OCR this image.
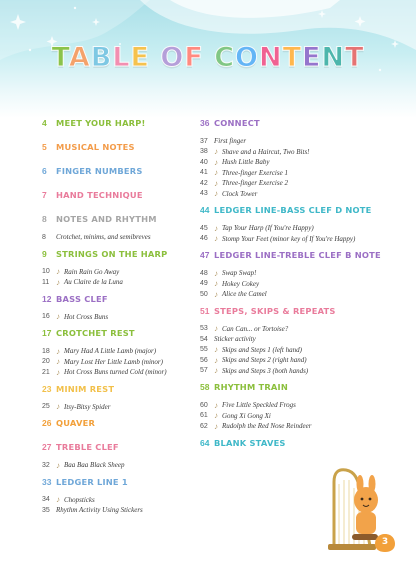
TABLE OF CONTENT
4	MEET YOUR HARP!
5	MUSICAL NOTES
6	FINGER NUMBERS
7	HAND TECHNIQUE
8	NOTES AND RHYTHM
8	Crotchet, minims, and semibreves
9	STRINGS ON THE HARP
10 ♪ Rain Rain Go Away
11 ♪ Au Claire de la Luna
12 BASS CLEF
16 ♪ Hot Cross Buns
17 CROTCHET REST
18 ♪ Mary Had A Little Lamb (major)
20 ♪ Mary Lost Her Little Lamb (minor)
21 ♪ Hot Cross Buns turned Cold (minor)
23 MINIM REST
25 ♪ Itsy-Bitsy Spider
26 QUAVER
27 TREBLE CLEF
32 ♪ Baa Baa Black Sheep
33 LEDGER LINE 1
34 ♪ Chopsticks
35 Rhythm Activity Using Stickers
36 CONNECT
37 First finger
38 ♪ Shave and a Haircut, Two Bits!
40 ♪ Hush Little Baby
41 ♪ Three-finger Exercise 1
42 ♪ Three-finger Exercise 2
43 ♪ Clock Tower
44 LEDGER LINE-BASS CLEF D NOTE
45 ♪ Tap Your Harp (If You're Happy)
46 ♪ Stomp Your Feet (minor key of If You're Happy)
47 LEDGER LINE-TREBLE CLEF B NOTE
48 ♪ Swap Swap!
49 ♪ Hokey Cokey
50 ♪ Alice the Camel
51 STEPS, SKIPS & REPEATS
53 ♪ Can Can... or Tortoise?
54 Sticker activity
55 ♪ Skips and Steps 1 (left hand)
56 ♪ Skips and Steps 2 (right hand)
57 ♪ Skips and Steps 3 (both hands)
58 RHYTHM TRAIN
60 ♪ Five Little Speckled Frogs
61 ♪ Gong Xi Gong Xi
62 ♪ Rudolph the Red Nose Reindeer
64 BLANK STAVES
3
